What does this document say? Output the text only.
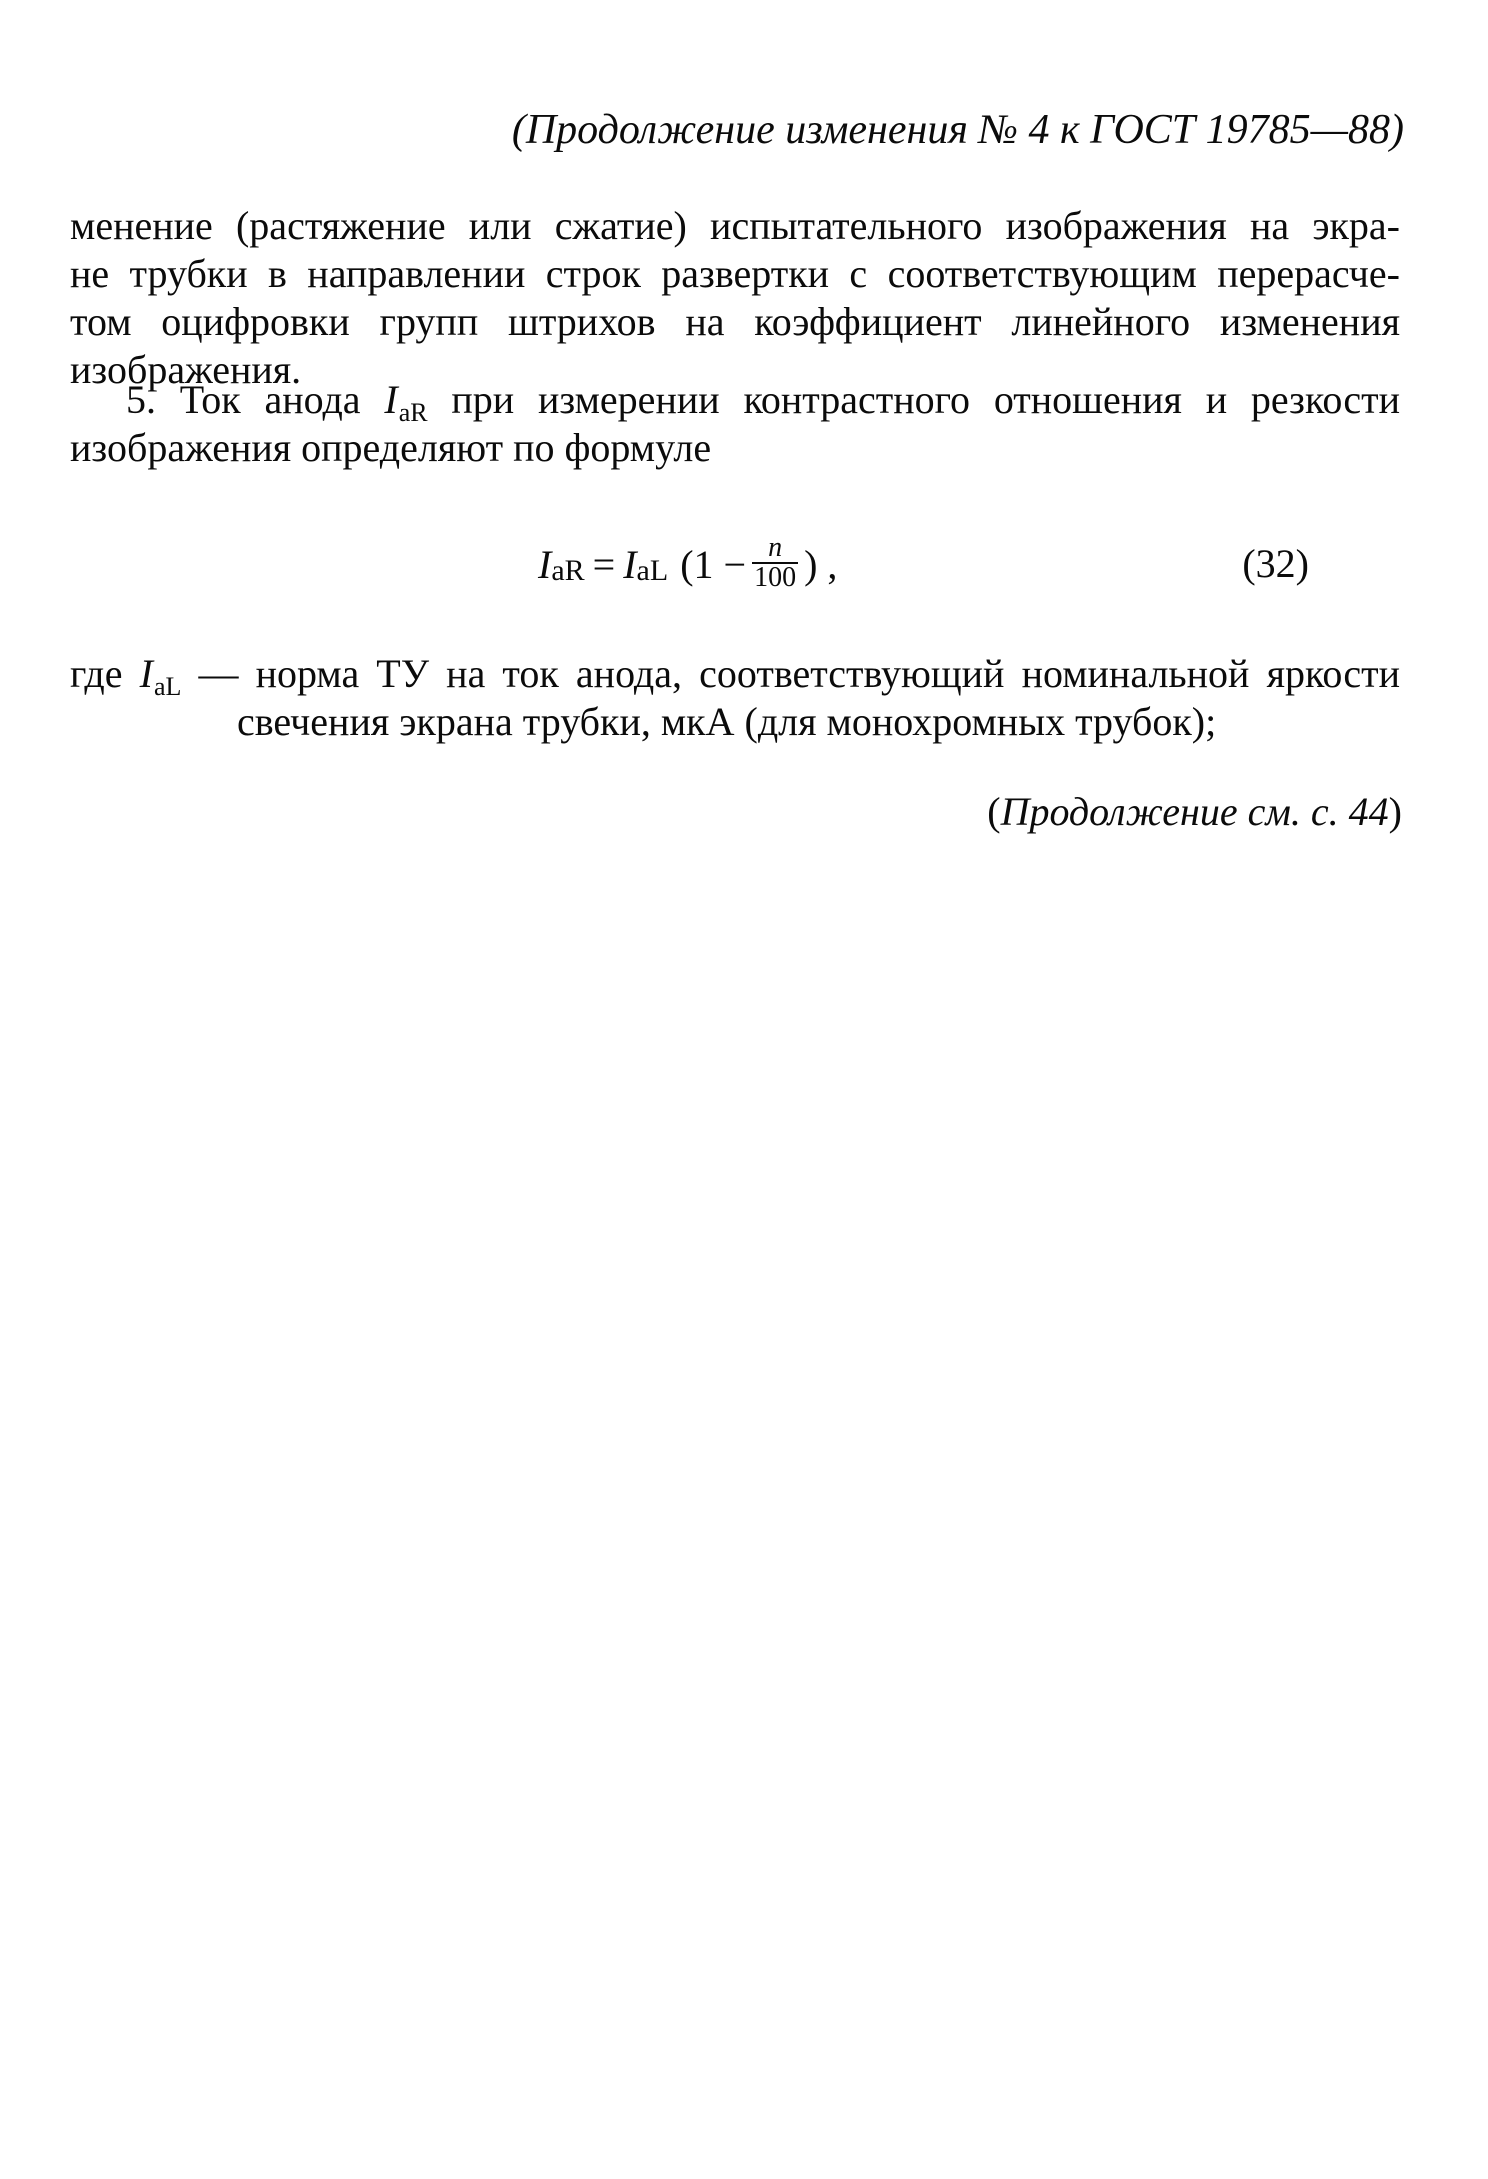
(Продолжение изменения № 4 к ГОСТ 19785—88)
менение (растяжение или сжатие) испытательного изображения на экра-
не трубки в направлении строк развертки с соответствующим перерасче-
том оцифровки групп штрихов на коэффициент линейного изменения
изображения.
5. Ток анода $I_{aR}$ при измерении контрастного отношения и резкости
изображения определяют по формуле
I aR = I aL ($1 - \frac{n}{100}$ ) ,	(32)
где $I_{aL}$ — норма ТУ на ток анода, соответствующий номинальной яркости
свечения экрана трубки, мкА (для монохромных трубок);
(Продолжение см. с. 44)
